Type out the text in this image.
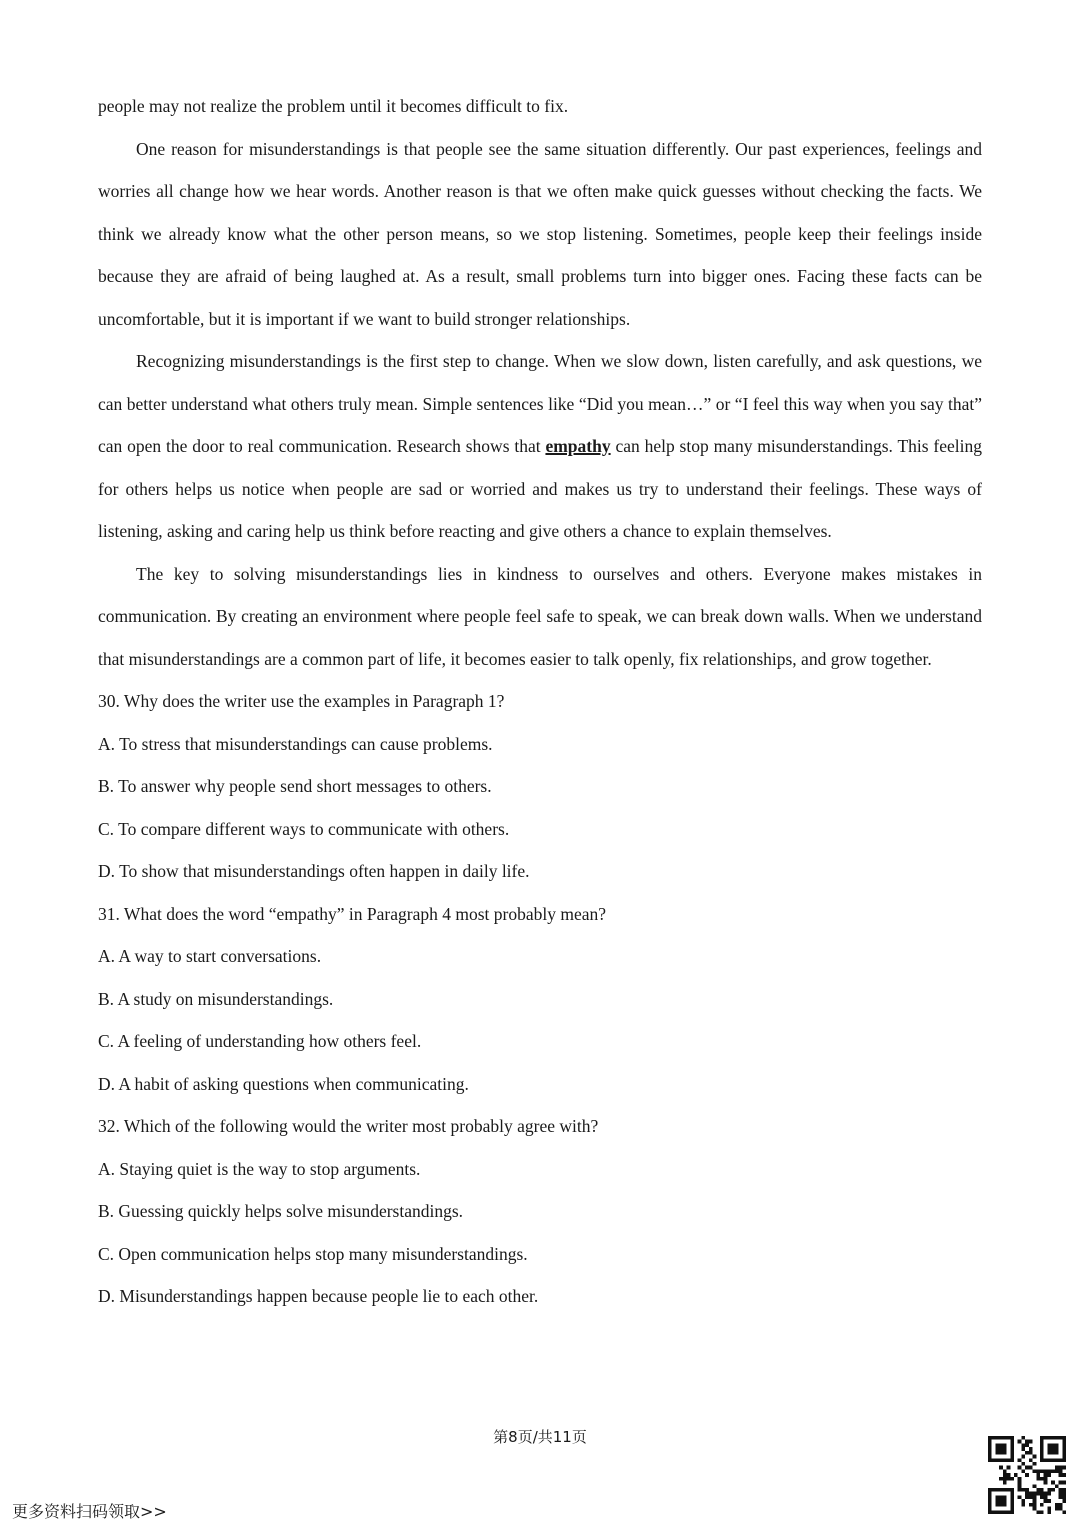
people may not realize the problem until it becomes difficult to fix.

One reason for misunderstandings is that people see the same situation differently. Our past experiences, feelings and worries all change how we hear words. Another reason is that we often make quick guesses without checking the facts. We think we already know what the other person means, so we stop listening. Sometimes, people keep their feelings inside because they are afraid of being laughed at. As a result, small problems turn into bigger ones. Facing these facts can be uncomfortable, but it is important if we want to build stronger relationships.

Recognizing misunderstandings is the first step to change. When we slow down, listen carefully, and ask questions, we can better understand what others truly mean. Simple sentences like “Did you mean…” or “I feel this way when you say that” can open the door to real communication. Research shows that empathy can help stop many misunderstandings. This feeling for others helps us notice when people are sad or worried and makes us try to understand their feelings. These ways of listening, asking and caring help us think before reacting and give others a chance to explain themselves.

The key to solving misunderstandings lies in kindness to ourselves and others. Everyone makes mistakes in communication. By creating an environment where people feel safe to speak, we can break down walls. When we understand that misunderstandings are a common part of life, it becomes easier to talk openly, fix relationships, and grow together.

30. Why does the writer use the examples in Paragraph 1?

A. To stress that misunderstandings can cause problems.

B. To answer why people send short messages to others.

C. To compare different ways to communicate with others.

D. To show that misunderstandings often happen in daily life.

31. What does the word “empathy” in Paragraph 4 most probably mean?

A. A way to start conversations.

B. A study on misunderstandings.

C. A feeling of understanding how others feel.

D. A habit of asking questions when communicating.

32. Which of the following would the writer most probably agree with?

A. Staying quiet is the way to stop arguments.

B. Guessing quickly helps solve misunderstandings.

C. Open communication helps stop many misunderstandings.

D. Misunderstandings happen because people lie to each other.

第8页/共11页
更多资料扫码领取>>
